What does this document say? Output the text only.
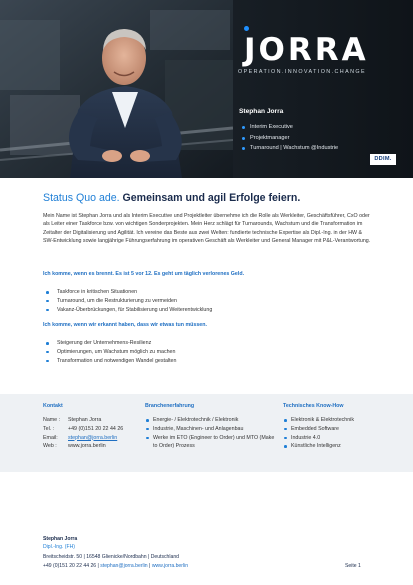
JORRA
OPERATION.INNOVATION.CHANGE
Stephan Jorra
Interim Executive
Projektmanager
Turnaround | Wachstum @Industrie
DDIM.
Status Quo ade. Gemeinsam und agil Erfolge feiern.

Mein Name ist Stephan Jorra und als Interim Executive und Projektleiter übernehme ich die Rolle als Werkleiter, Geschäftsführer, CxO oder als Leiter einer Taskforce bzw. von wichtigen Sonderprojekten. Mein Herz schlägt für Turnarounds, Wachstum und die Transformation im Zeitalter der Digitalisierung und Agilität. Ich vereine das Beste aus zwei Welten: fundierte technische Expertise als Dipl.-Ing. in der HW & SW-Entwicklung sowie langjährige Führungserfahrung im operativen Geschäft als Werkleiter und General Manager mit P&L-Verantwortung.

Ich komme, wenn es brennt. Es ist 5 vor 12. Es geht um täglich verlorenes Geld.
Taskforce in kritischen Situationen
Turnaround, um die Restrukturierung zu vermeiden
Vakanz-Überbrückungen, für Stabilisierung und Weiterentwicklung
Ich komme, wenn wir erkannt haben, dass wir etwas tun müssen.
Steigerung der Unternehmens-Resilienz
Optimierungen, um Wachstum möglich zu machen
Transformation und notwendigen Wandel gestalten
Kontakt
Name :	Stephan Jorra
Tel. :	+49 (0)151 20 22 44 26
Email:	stephan@jorra.berlin
Web :	www.jorra.berlin
Branchenerfahrung
Energie- / Elektrotechnik / Elektronik
Industrie, Maschinen- und Anlagenbau
Werke im ETO (Engineer to Order) und MTO (Make to Order) Prozess
Technisches Know-How
Elektronik & Elektrotechnik
Embedded Software
Industrie 4.0
Künstliche Intelligenz
Stephan Jorra
Dipl.-Ing. (FH)
Breitscheidstr. 50 | 16548 Glienicke/Nordbahn | Deutschland
+49 (0)151 20 22 44 26 | stephan@jorra.berlin | www.jorra.berlin	Seite 1
